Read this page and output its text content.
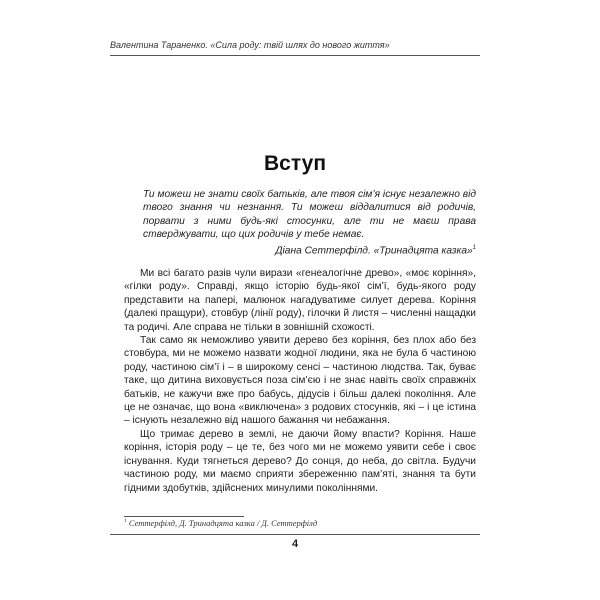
Валентина Тараненко. «Сила роду: твій шлях до нового життя»
Вступ
Ти можеш не знати своїх батьків, але твоя сім’я існує незалежно від твого знання чи незнання. Ти можеш віддалитися від родичів, порвати з ними будь-які стосунки, але ти не маєш права стверджувати, що цих родичів у тебе немає.
Діана Сеттерфілд. «Тринадцята казка»$^1$

Ми всі багато разів чули вирази «генеалогічне древо», «моє коріння», «гілки роду». Справді, якщо історію будь-якої сім’ї, будь-якого роду представити на папері, малюнок нагадуватиме силует дерева. Коріння (далекі пращури), стовбур (лінії роду), гілочки й листя – численні нащадки та родичі. Але справа не тільки в зовнішній схожості.

Так само як неможливо уявити дерево без коріння, без плох або без стовбура, ми не можемо назвати жодної людини, яка не була б частиною роду, частиною сім’ї і – в широкому сенсі – частиною людства. Так, буває таке, що дитина виховується поза сім’єю і не знає навіть своїх справжніх батьків, не кажучи вже про бабусь, дідусів і більш далекі покоління. Але це не означає, що вона «виключена» з родових стосунків, які – і це істина – існують незалежно від нашого бажання чи небажання.

Що тримає дерево в землі, не даючи йому впасти? Коріння. Наше коріння, історія роду – це те, без чого ми не можемо уявити себе і своє існування. Куди тягнеться дерево? До сонця, до неба, до світла. Будучи частиною роду, ми маємо сприяти збереженню пам’яті, знання та бути гідними здобутків, здійснених минулими поколіннями.

$^1$ Сеттерфілд, Д. Тринадцята казка / Д. Сеттерфілд
4
